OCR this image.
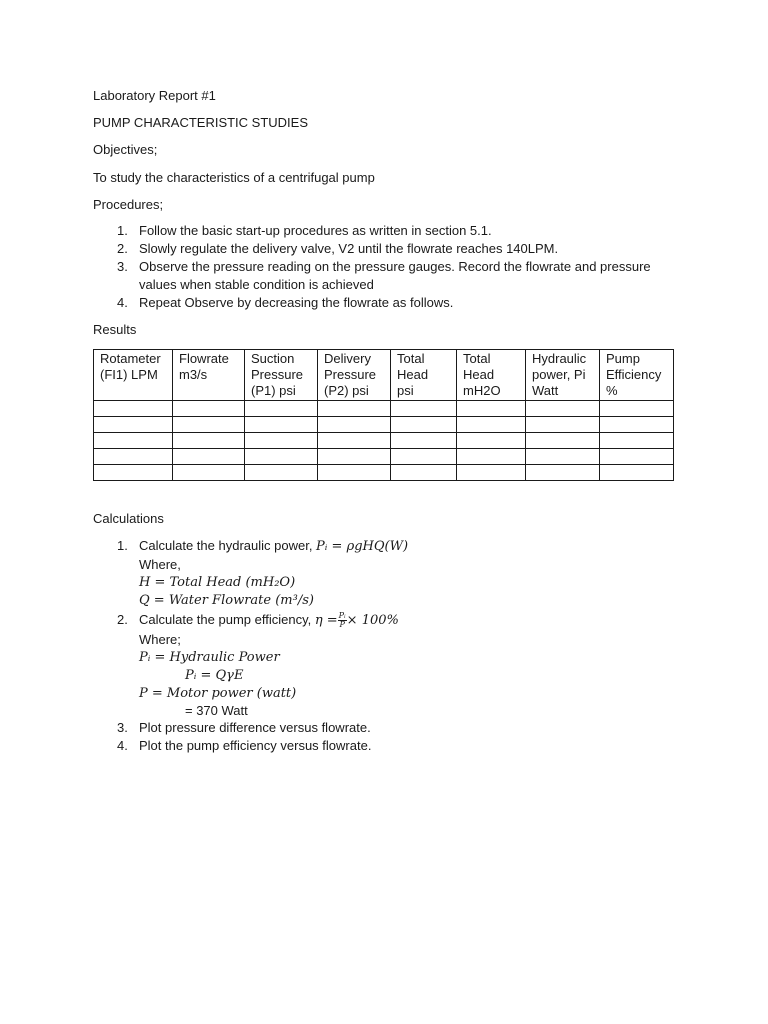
Laboratory Report #1

PUMP CHARACTERISTIC STUDIES

Objectives;

To study the characteristics of a centrifugal pump

Procedures;

1. Follow the basic start-up procedures as written in section 5.1.
2. Slowly regulate the delivery valve, V2 until the flowrate reaches 140LPM.
3. Observe the pressure reading on the pressure gauges. Record the flowrate and pressure
values when stable condition is achieved
4. Repeat Observe by decreasing the flowrate as follows.

Results

Rotameter
(FI1) LPM	Flowrate
m3/s	Suction
Pressure
(P1) psi	Delivery
Pressure
(P2) psi	Total
Head
psi	Total
Head
mH2O	Hydraulic
power, Pi
Watt	Pump
Efficiency
%

Calculations

1. Calculate the hydraulic power, Pᵢ = ρgHQ(W)
Where,
H = Total Head (mH₂O)
Q = Water Flowrate (m³/s)
2. Calculate the pump efficiency, $\eta = \frac{\text{Pᵢ}}{P} \times 100\%$
Where;
Pᵢ = Hydraulic Power
Pᵢ = QγE
P = Motor power (watt)
= 370 Watt
3. Plot pressure difference versus flowrate.
4. Plot the pump efficiency versus flowrate.
